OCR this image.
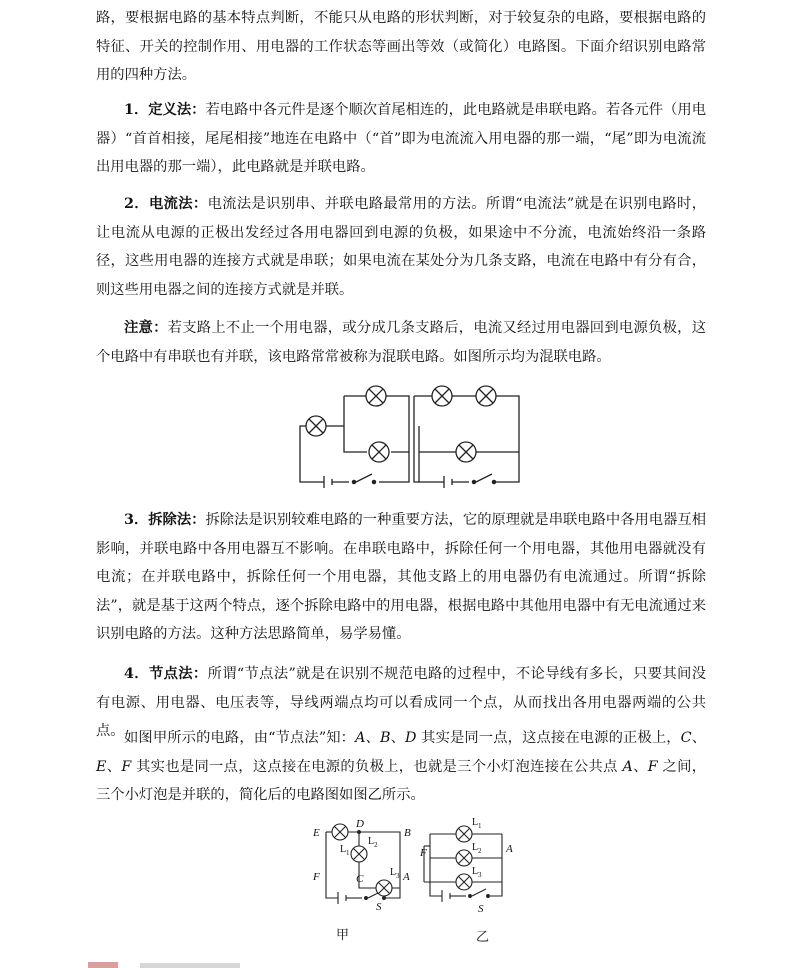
路，要根据电路的基本特点判断，不能只从电路的形状判断，对于较复杂的电路，要根据电路的特征、开关的控制作用、用电器的工作状态等画出等效（或简化）电路图。下面介绍识别电路常用的四种方法。

1．定义法：若电路中各元件是逐个顺次首尾相连的，此电路就是串联电路。若各元件（用电器）“首首相接，尾尾相接”地连在电路中（“首”即为电流流入用电器的那一端，“尾”即为电流流出用电器的那一端），此电路就是并联电路。

2．电流法：电流法是识别串、并联电路最常用的方法。所谓“电流法”就是在识别电路时，让电流从电源的正极出发经过各用电器回到电源的负极，如果途中不分流，电流始终沿一条路径，这些用电器的连接方式就是串联；如果电流在某处分为几条支路，电流在电路中有分有合，则这些用电器之间的连接方式就是并联。

注意：若支路上不止一个用电器，或分成几条支路后，电流又经过用电器回到电源负极，这个电路中有串联也有并联，该电路常常被称为混联电路。如图所示均为混联电路。

3．拆除法：拆除法是识别较难电路的一种重要方法，它的原理就是串联电路中各用电器互相影响，并联电路中各用电器互不影响。在串联电路中，拆除任何一个用电器，其他用电器就没有电流；在并联电路中，拆除任何一个用电器，其他支路上的用电器仍有电流通过。所谓“拆除法”，就是基于这两个特点，逐个拆除电路中的用电器，根据电路中其他用电器中有无电流通过来识别电路的方法。这种方法思路简单，易学易懂。

4．节点法：所谓“节点法”就是在识别不规范电路的过程中，不论导线有多长，只要其间没有电源、用电器、电压表等，导线两端点均可以看成同一个点，从而找出各用电器两端的公共点。 如图甲所示的电路，由“节点法”知：A、B、D 其实是同一点，这点接在电源的正极上，C、E、F 其实也是同一点，这点接在电源的负极上，也就是三个小灯泡连接在公共点 A、F 之间，三个小灯泡是并联的，简化后的电路图如图乙所示。

E
D
B
F	C	A
S
L 1
L 2
L 3
甲
F	A
S
L 1
L 2
L 3
乙
